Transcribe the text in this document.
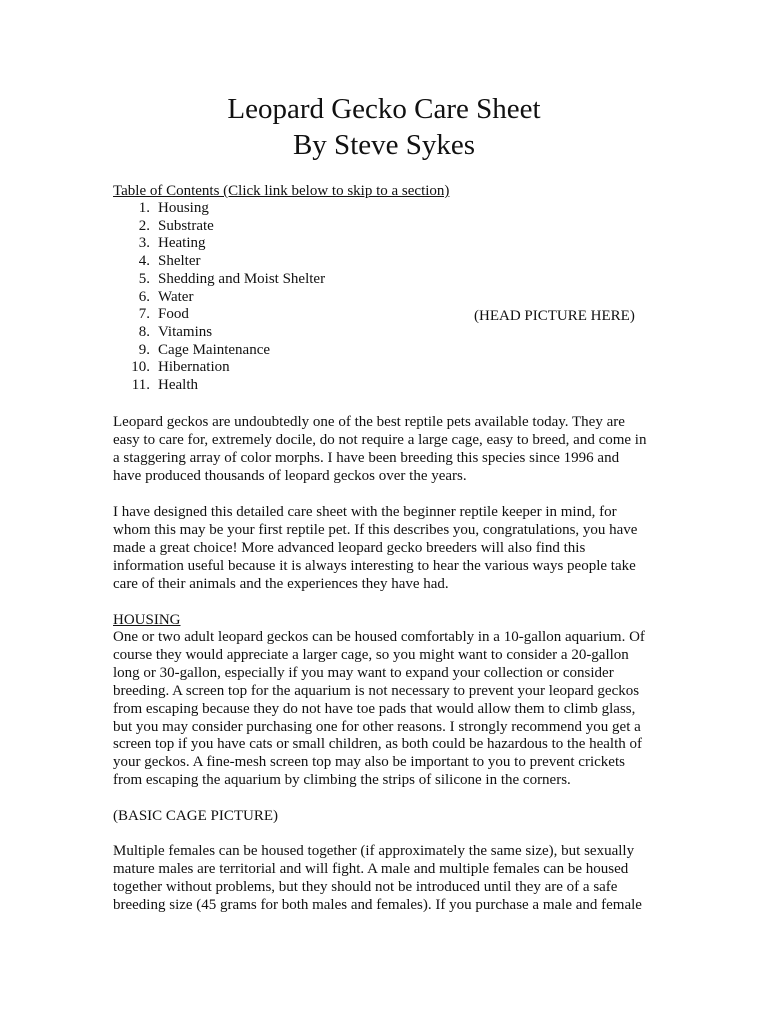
Leopard Gecko Care Sheet
By Steve Sykes
Table of Contents (Click link below to skip to a section)
1. Housing
2. Substrate
3. Heating
4. Shelter
5. Shedding and Moist Shelter
6. Water
7. Food
8. Vitamins
9. Cage Maintenance
10. Hibernation
11. Health
(HEAD PICTURE HERE)
Leopard geckos are undoubtedly one of the best reptile pets available today. They are
easy to care for, extremely docile, do not require a large cage, easy to breed, and come in
a staggering array of color morphs. I have been breeding this species since 1996 and
have produced thousands of leopard geckos over the years.
I have designed this detailed care sheet with the beginner reptile keeper in mind, for
whom this may be your first reptile pet. If this describes you, congratulations, you have
made a great choice! More advanced leopard gecko breeders will also find this
information useful because it is always interesting to hear the various ways people take
care of their animals and the experiences they have had.
HOUSING
One or two adult leopard geckos can be housed comfortably in a 10-gallon aquarium. Of
course they would appreciate a larger cage, so you might want to consider a 20-gallon
long or 30-gallon, especially if you may want to expand your collection or consider
breeding. A screen top for the aquarium is not necessary to prevent your leopard geckos
from escaping because they do not have toe pads that would allow them to climb glass,
but you may consider purchasing one for other reasons. I strongly recommend you get a
screen top if you have cats or small children, as both could be hazardous to the health of
your geckos. A fine-mesh screen top may also be important to you to prevent crickets
from escaping the aquarium by climbing the strips of silicone in the corners.
(BASIC CAGE PICTURE)
Multiple females can be housed together (if approximately the same size), but sexually
mature males are territorial and will fight. A male and multiple females can be housed
together without problems, but they should not be introduced until they are of a safe
breeding size (45 grams for both males and females). If you purchase a male and female
